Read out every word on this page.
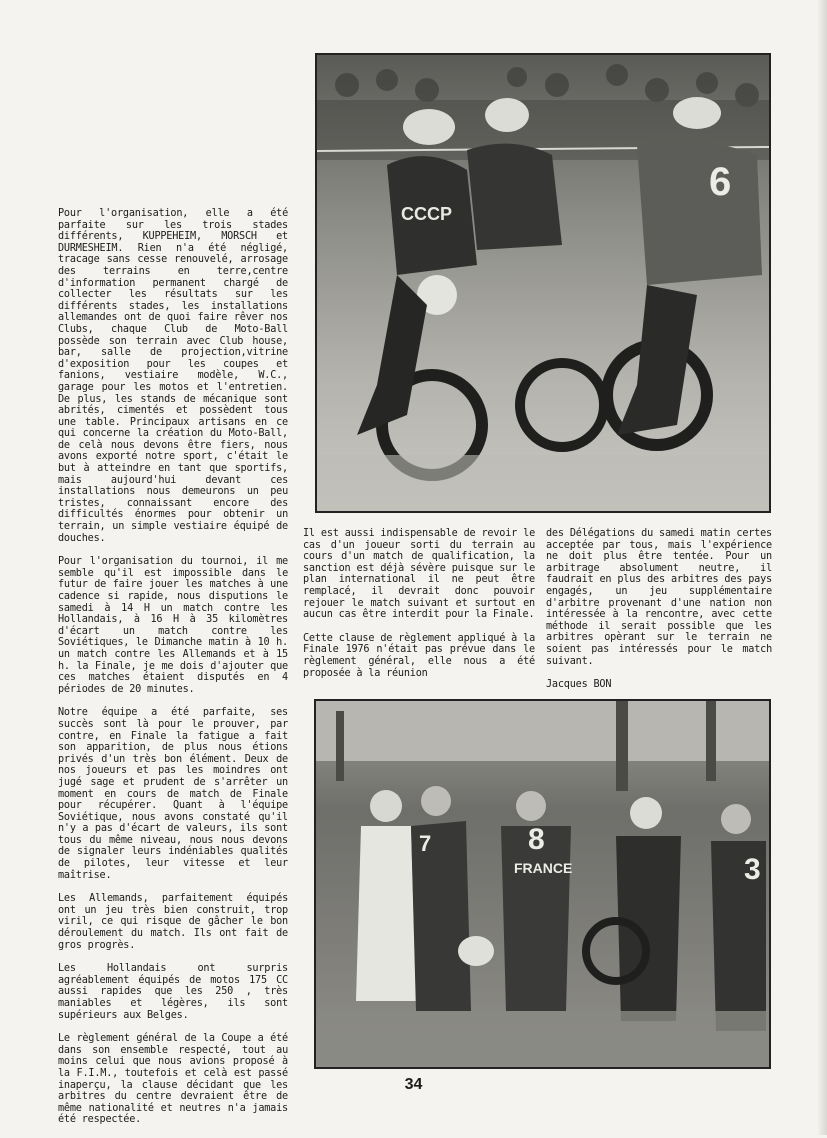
Pour l'organisation, elle a été parfaite sur les trois stades différents, KUPPEHEIM, MORSCH et DURMESHEIM. Rien n'a été négligé, tracage sans cesse renouvelé, arrosage des terrains en terre,centre d'information permanent chargé de collecter les résultats sur les différents stades, les installations allemandes ont de quoi faire rêver nos Clubs, chaque Club de Moto-Ball possède son terrain avec Club house, bar, salle de projection,vitrine d'exposition pour les coupes et fanions, vestiaire modèle, W.C., garage pour les motos et l'entretien. De plus, les stands de mécanique sont abrités, cimentés et possèdent tous une table. Principaux artisans en ce qui concerne la création du Moto-Ball, de celà nous devons être fiers, nous avons exporté notre sport, c'était le but à atteindre en tant que sportifs, mais aujourd'hui devant ces installations nous demeurons un peu tristes, connaissant encore des difficultés énormes pour obtenir un terrain, un simple vestiaire équipé de douches.

Pour l'organisation du tournoi, il me semble qu'il est impossible dans le futur de faire jouer les matches à une cadence si rapide, nous disputions le samedi à 14 H un match contre les Hollandais, à 16 H à 35 kilomètres d'écart un match contre les Soviétiques, le Dimanche matin à 10 h. un match contre les Allemands et à 15 h. la Finale, je me dois d'ajouter que ces matches étaient disputés en 4 périodes de 20 minutes.

Notre équipe a été parfaite, ses succès sont là pour le prouver, par contre, en Finale la fatigue a fait son apparition, de plus nous étions privés d'un très bon élément. Deux de nos joueurs et pas les moindres ont jugé sage et prudent de s'arrêter un moment en cours de match de Finale pour récupérer. Quant à l'équipe Soviétique, nous avons constaté qu'il n'y a pas d'écart de valeurs, ils sont tous du même niveau, nous nous devons de signaler leurs indéniables qualités de pilotes, leur vitesse et leur maîtrise.

Les Allemands, parfaitement équipés ont un jeu très bien construit, trop viril, ce qui risque de gâcher le bon déroulement du match. Ils ont fait de gros progrès.

Les Hollandais ont surpris agréablement équipés de motos 175 CC aussi rapides que les 250 , très maniables et légères, ils sont supérieurs aux Belges.

Le règlement général de la Coupe a été dans son ensemble respecté, tout au moins celui que nous avions proposé à la F.I.M., toutefois et celà est passé inaperçu, la clause décidant que les arbitres du centre devraient être de même nationalité et neutres n'a jamais été respectée.

CCCP
6

Il est aussi indispensable de revoir le cas d'un joueur sorti du terrain au cours d'un match de qualification, la sanction est déjà sévère puisque sur le plan international il ne peut être remplacé, il devrait donc pouvoir rejouer le match suivant et surtout en aucun cas être interdit pour la Finale.

Cette clause de règlement appliqué à la Finale 1976 n'était pas prévue dans le règlement général, elle nous a été proposée à la réunion

des Délégations du samedi matin certes acceptée par tous, mais l'expérience ne doit plus être tentée. Pour un arbitrage absolument neutre, il faudrait en plus des arbitres des pays engagés, un jeu supplémentaire d'arbitre provenant d'une nation non intéressée à la rencontre, avec cette méthode il serait possible que les arbitres opèrant sur le terrain ne soient pas intéressés pour le match suivant.

Jacques BON

7	8
FRANCE	3
34
